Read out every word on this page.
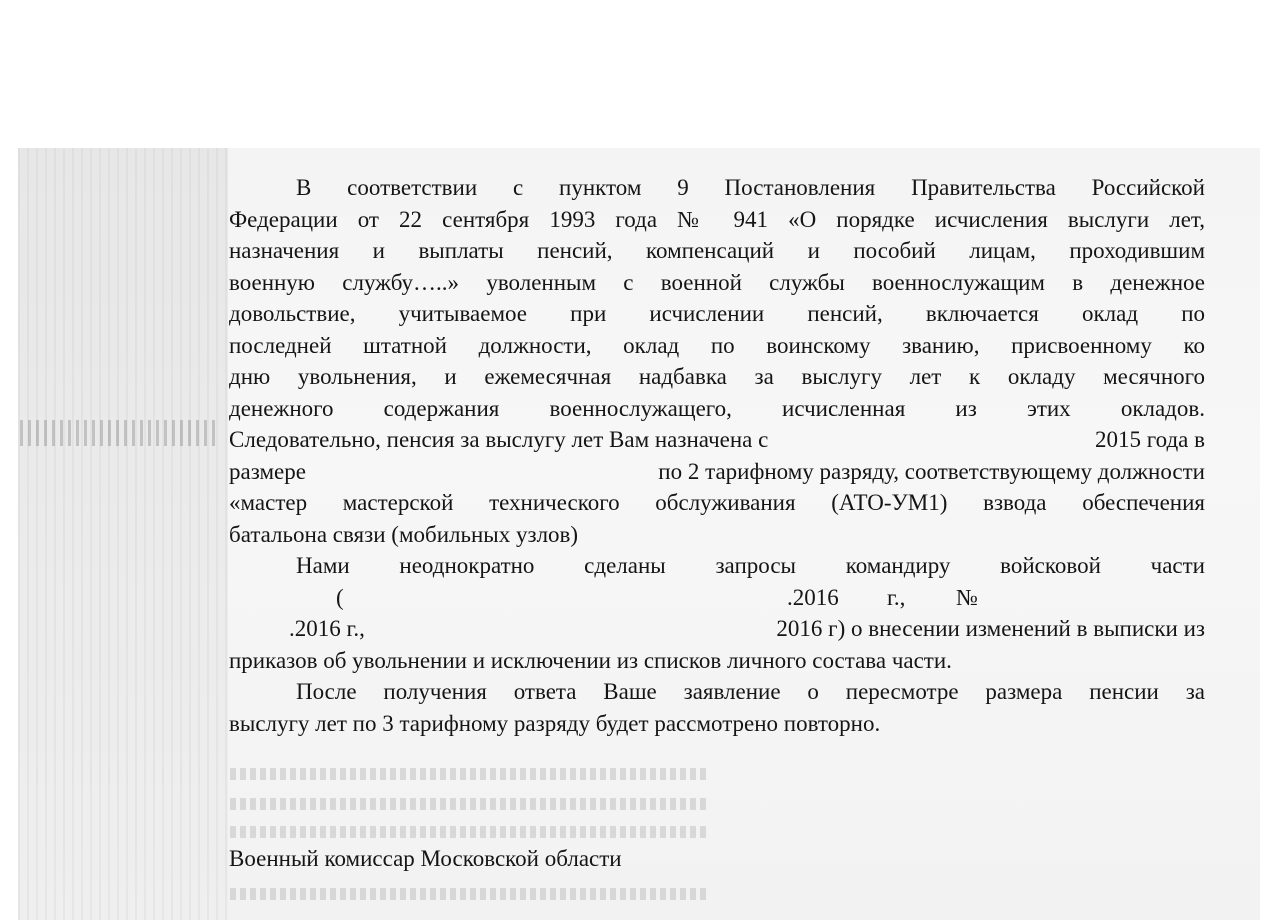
В соответствии с пунктом 9 Постановления Правительства Российской
Федерации от 22 сентября 1993 года № 941 «О порядке исчисления выслуги лет,
назначения и выплаты пенсий, компенсаций и пособий лицам, проходившим
военную службу…..» уволенным с военной службы военнослужащим в денежное
довольствие, учитываемое при исчислении пенсий, включается оклад по
последней штатной должности, оклад по воинскому званию, присвоенному ко
дню увольнения, и ежемесячная надбавка за выслугу лет к окладу месячного
денежного содержания военнослужащего, исчисленная из этих окладов.
Следовательно, пенсия за выслугу лет Вам назначена с	2015 года в
размере	по 2 тарифному разряду, соответствующему должности
«мастер мастерской технического обслуживания (АТО-УМ1) взвода обеспечения
батальона связи (мобильных узлов)
Нами неоднократно сделаны запросы командиру войсковой части
(	.2016 г., №
.2016 г.,	2016 г) о внесении изменений в выписки из
приказов об увольнении и исключении из списков личного состава части.
После получения ответа Ваше заявление о пересмотре размера пенсии за
выслугу лет по 3 тарифному разряду будет рассмотрено повторно.
Военный комиссар Московской области
